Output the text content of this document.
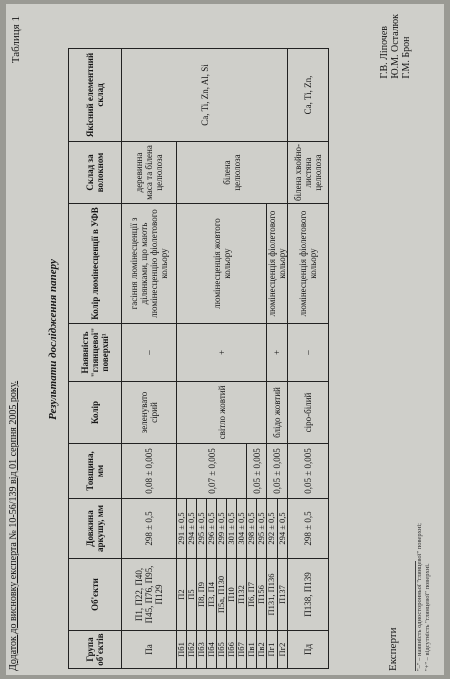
Додаток до висновку експерта № 10-56/139 від 01 серпня 2005 року.
Таблиця 1
Результати дослідження паперу
Група об'єктів	Об'єкти	Довжина аркушу, мм	Товщина, мм	Колір	Наявність "глянцевої" поверхні¹	Колір люмінесценції в УФВ	Склад за волокном	Якісний елементний склад
Па	П1, П22, П40, П45, П76, П95, П129	298 ± 0,5	0,08 ± 0,005	зеленувато сірий	–	гасіння люмінесценції з ділянками, що мають люмінесценцію фіолетового кольору	деревинна маса та білена целюлоза	Ca, Ti, Zn, Al, Si
Пб1	П2	291 ± 0,5	0,07 ± 0,005	світло жовтий	+	люмінесценція жовтого кольору	білена целюлоза	
Пб2	П5	294 ± 0,5						
Пб3	П8, П9	295 ± 0,5						
Пб4	П3, П4	296 ± 0,5						
Пб5	П5а, П130	299 ± 0,5						
Пб6	П10	301 ± 0,5						
Пб7	П132	304 ± 0,5						
Пв1	П6, П7	298 ± 0,5	0,05 ± 0,005					
Пв2	П156	295 ± 0,5						
Пг1	П131, П136	292 ± 0,5	0,05 ± 0,005	блідо жовтий	+	люмінесценція фіолетового кольору		
Пг2	П137	294 ± 0,5						
Пд	П138, П139	298 ± 0,5	0,05 ± 0,005	сіро-білий	–	люмінесценція фіолетового кольору	білена хвойно-листяна целюлоза	Ca, Ti, Zn,
Експерти
Г.В. Ліпочев Ю.М. Осталюк Г.М. Брон
"–" – наявність односторонньої "глянцевої" поверхні; "+" – відсутність "глянцевої" поверхні.
